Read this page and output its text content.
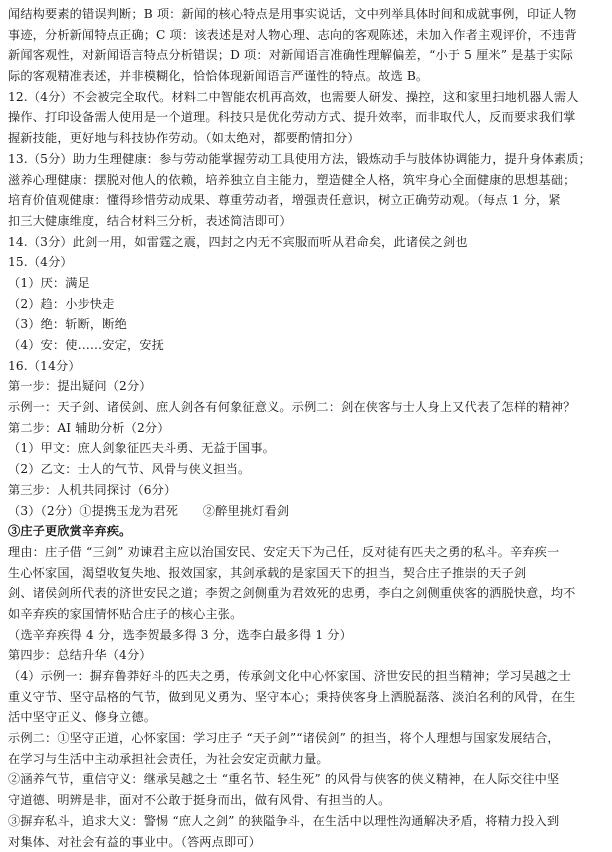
闻结构要素的错误判断；B 项：新闻的核心特点是用事实说话，文中列举具体时间和成就事例，印证人物
事迹，分析新闻特点正确；C 项：该表述是对人物心理、志向的客观陈述，未加入作者主观评价，不违背
新闻客观性，对新闻语言特点分析错误；D 项：对新闻语言准确性理解偏差，“小于 5 厘米” 是基于实际
际的客观精准表述，并非模糊化，恰恰体现新闻语言严谨性的特点。故选 B。
12.（4分）不会被完全取代。材料二中智能农机再高效，也需要人研发、操控，这和家里扫地机器人需人
操作、打印设备需人使用是一个道理。科技只是优化劳动方式、提升效率，而非取代人，反而要求我们掌
握新技能，更好地与科技协作劳动。（如太绝对，都要酌情扣分）
13.（5分）助力生理健康：参与劳动能掌握劳动工具使用方法，锻炼动手与肢体协调能力，提升身体素质；
滋养心理健康：摆脱对他人的依赖，培养独立自主能力，塑造健全人格，筑牢身心全面健康的思想基础；
培育价值观健康：懂得珍惜劳动成果、尊重劳动者，增强责任意识，树立正确劳动观。（每点 1 分，紧
扣三大健康维度，结合材料三分析，表述简洁即可）
14.（3分）此剑一用，如雷霆之震，四封之内无不宾服而听从君命矣，此诸侯之剑也
15.（4分）
（1）厌：满足
（2）趋：小步快走
（3）绝：斩断，断绝
（4）安：使……安定，安抚
16.（14分）
第一步：提出疑问（2分）
示例一：天子剑、诸侯剑、庶人剑各有何象征意义。示例二：剑在侠客与士人身上又代表了怎样的精神？
第二步：AI 辅助分析（2分）
（1）甲文：庶人剑象征匹夫斗勇、无益于国事。
（2）乙文：士人的气节、风骨与侠义担当。
第三步：人机共同探讨（6分）
（3）（2分）①提携玉龙为君死　　②醉里挑灯看剑
③庄子更欣赏辛弃疾。
理由：庄子借 “三剑” 劝谏君主应以治国安民、安定天下为己任，反对徒有匹夫之勇的私斗。辛弃疾一
生心怀家国，渴望收复失地、报效国家，其剑承载的是家国天下的担当，契合庄子推崇的天子剑
剑、诸侯剑所代表的济世安民之道；李贺之剑侧重为君效死的忠勇，李白之剑侧重侠客的洒脱快意，均不
如辛弃疾的家国情怀贴合庄子的核心主张。
（选辛弃疾得 4 分，选李贺最多得 3 分，选李白最多得 1 分）
第四步：总结升华（4分）
（4）示例一：摒弃鲁莽好斗的匹夫之勇，传承剑文化中心怀家国、济世安民的担当精神；学习吴越之士
重义守节、坚守品格的气节，做到见义勇为、坚守本心；秉持侠客身上洒脱磊落、淡泊名利的风骨，在生
活中坚守正义、修身立德。
示例二：①坚守正道，心怀家国：学习庄子 “天子剑”“诸侯剑” 的担当，将个人理想与国家发展结合，
在学习与生活中主动承担社会责任，为社会安定贡献力量。
②涵养气节，重信守义：继承吴越之士 “重名节、轻生死” 的风骨与侠客的侠义精神，在人际交往中坚
守道德、明辨是非，面对不公敢于挺身而出，做有风骨、有担当的人。
③摒弃私斗，追求大义：警惕 “庶人之剑” 的狭隘争斗，在生活中以理性沟通解决矛盾，将精力投入到
对集体、对社会有益的事业中。（答两点即可）
